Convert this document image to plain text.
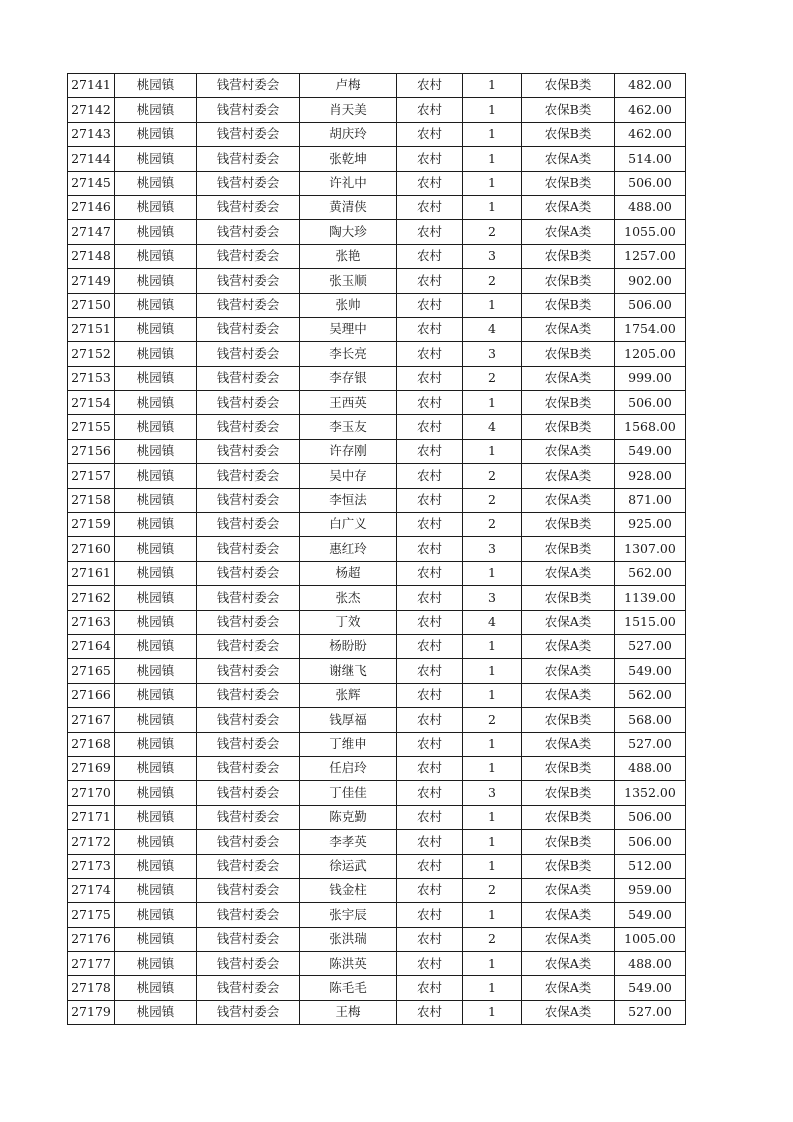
27141	桃园镇	钱营村委会	卢梅	农村	1	农保B类	482.00
27142	桃园镇	钱营村委会	肖天美	农村	1	农保B类	462.00
27143	桃园镇	钱营村委会	胡庆玲	农村	1	农保B类	462.00
27144	桃园镇	钱营村委会	张乾坤	农村	1	农保A类	514.00
27145	桃园镇	钱营村委会	许礼中	农村	1	农保B类	506.00
27146	桃园镇	钱营村委会	黄清侠	农村	1	农保A类	488.00
27147	桃园镇	钱营村委会	陶大珍	农村	2	农保A类	1055.00
27148	桃园镇	钱营村委会	张艳	农村	3	农保B类	1257.00
27149	桃园镇	钱营村委会	张玉顺	农村	2	农保B类	902.00
27150	桃园镇	钱营村委会	张帅	农村	1	农保B类	506.00
27151	桃园镇	钱营村委会	吴理中	农村	4	农保A类	1754.00
27152	桃园镇	钱营村委会	李长亮	农村	3	农保B类	1205.00
27153	桃园镇	钱营村委会	李存银	农村	2	农保A类	999.00
27154	桃园镇	钱营村委会	王西英	农村	1	农保B类	506.00
27155	桃园镇	钱营村委会	李玉友	农村	4	农保B类	1568.00
27156	桃园镇	钱营村委会	许存刚	农村	1	农保A类	549.00
27157	桃园镇	钱营村委会	吴中存	农村	2	农保A类	928.00
27158	桃园镇	钱营村委会	李恒法	农村	2	农保A类	871.00
27159	桃园镇	钱营村委会	白广义	农村	2	农保B类	925.00
27160	桃园镇	钱营村委会	惠红玲	农村	3	农保B类	1307.00
27161	桃园镇	钱营村委会	杨超	农村	1	农保A类	562.00
27162	桃园镇	钱营村委会	张杰	农村	3	农保B类	1139.00
27163	桃园镇	钱营村委会	丁效	农村	4	农保A类	1515.00
27164	桃园镇	钱营村委会	杨盼盼	农村	1	农保A类	527.00
27165	桃园镇	钱营村委会	谢继飞	农村	1	农保A类	549.00
27166	桃园镇	钱营村委会	张辉	农村	1	农保A类	562.00
27167	桃园镇	钱营村委会	钱厚福	农村	2	农保B类	568.00
27168	桃园镇	钱营村委会	丁维申	农村	1	农保A类	527.00
27169	桃园镇	钱营村委会	任启玲	农村	1	农保B类	488.00
27170	桃园镇	钱营村委会	丁佳佳	农村	3	农保B类	1352.00
27171	桃园镇	钱营村委会	陈克勤	农村	1	农保B类	506.00
27172	桃园镇	钱营村委会	李孝英	农村	1	农保B类	506.00
27173	桃园镇	钱营村委会	徐运武	农村	1	农保B类	512.00
27174	桃园镇	钱营村委会	钱金柱	农村	2	农保A类	959.00
27175	桃园镇	钱营村委会	张宇辰	农村	1	农保A类	549.00
27176	桃园镇	钱营村委会	张洪瑞	农村	2	农保A类	1005.00
27177	桃园镇	钱营村委会	陈洪英	农村	1	农保A类	488.00
27178	桃园镇	钱营村委会	陈毛毛	农村	1	农保A类	549.00
27179	桃园镇	钱营村委会	王梅	农村	1	农保A类	527.00
